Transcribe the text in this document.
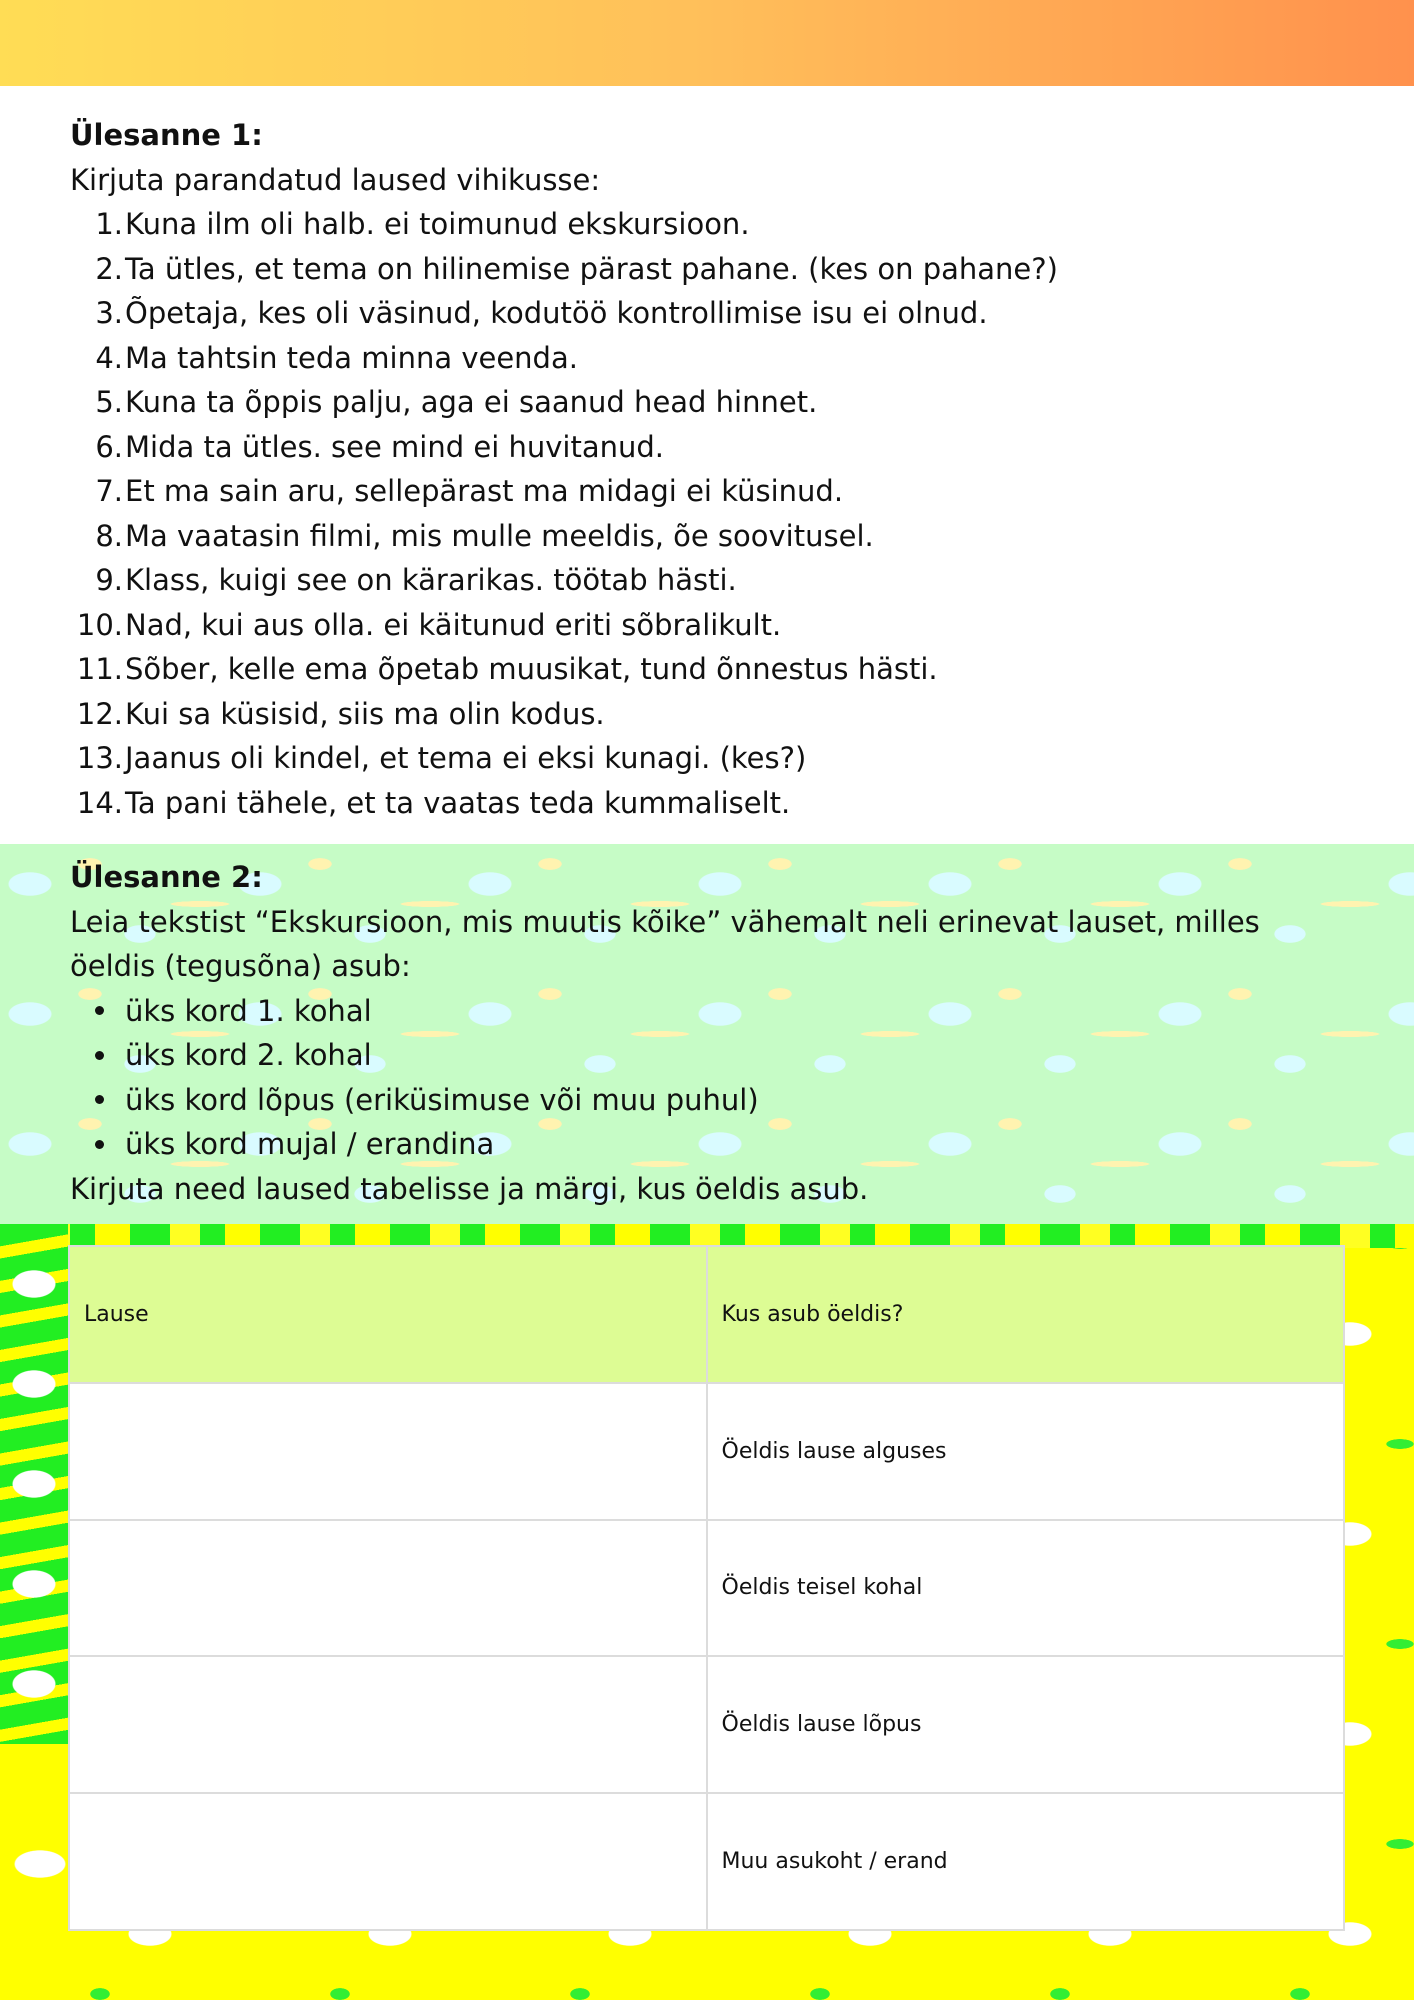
Ülesanne 1:

Kirjuta parandatud laused vihikusse:

1. Kuna ilm oli halb. ei toimunud ekskursioon.
2. Ta ütles, et tema on hilinemise pärast pahane. (kes on pahane?)
3. Õpetaja, kes oli väsinud, kodutöö kontrollimise isu ei olnud.
4. Ma tahtsin teda minna veenda.
5. Kuna ta õppis palju, aga ei saanud head hinnet.
6. Mida ta ütles. see mind ei huvitanud.
7. Et ma sain aru, sellepärast ma midagi ei küsinud.
8. Ma vaatasin filmi, mis mulle meeldis, õe soovitusel.
9. Klass, kuigi see on kärarikas. töötab hästi.
10. Nad, kui aus olla. ei käitunud eriti sõbralikult.
11. Sõber, kelle ema õpetab muusikat, tund õnnestus hästi.
12. Kui sa küsisid, siis ma olin kodus.
13. Jaanus oli kindel, et tema ei eksi kunagi. (kes?)
14. Ta pani tähele, et ta vaatas teda kummaliselt.

Ülesanne 2:

Leia tekstist “Ekskursioon, mis muutis kõike” vähemalt neli erinevat lauset, milles

öeldis (tegusõna) asub:

üks kord 1. kohal
üks kord 2. kohal
üks kord lõpus (eriküsimuse või muu puhul)
üks kord mujal / erandina

Kirjuta need laused tabelisse ja märgi, kus öeldis asub.

Lause	Kus asub öeldis?
	Öeldis lause alguses
	Öeldis teisel kohal
	Öeldis lause lõpus
	Muu asukoht / erand
